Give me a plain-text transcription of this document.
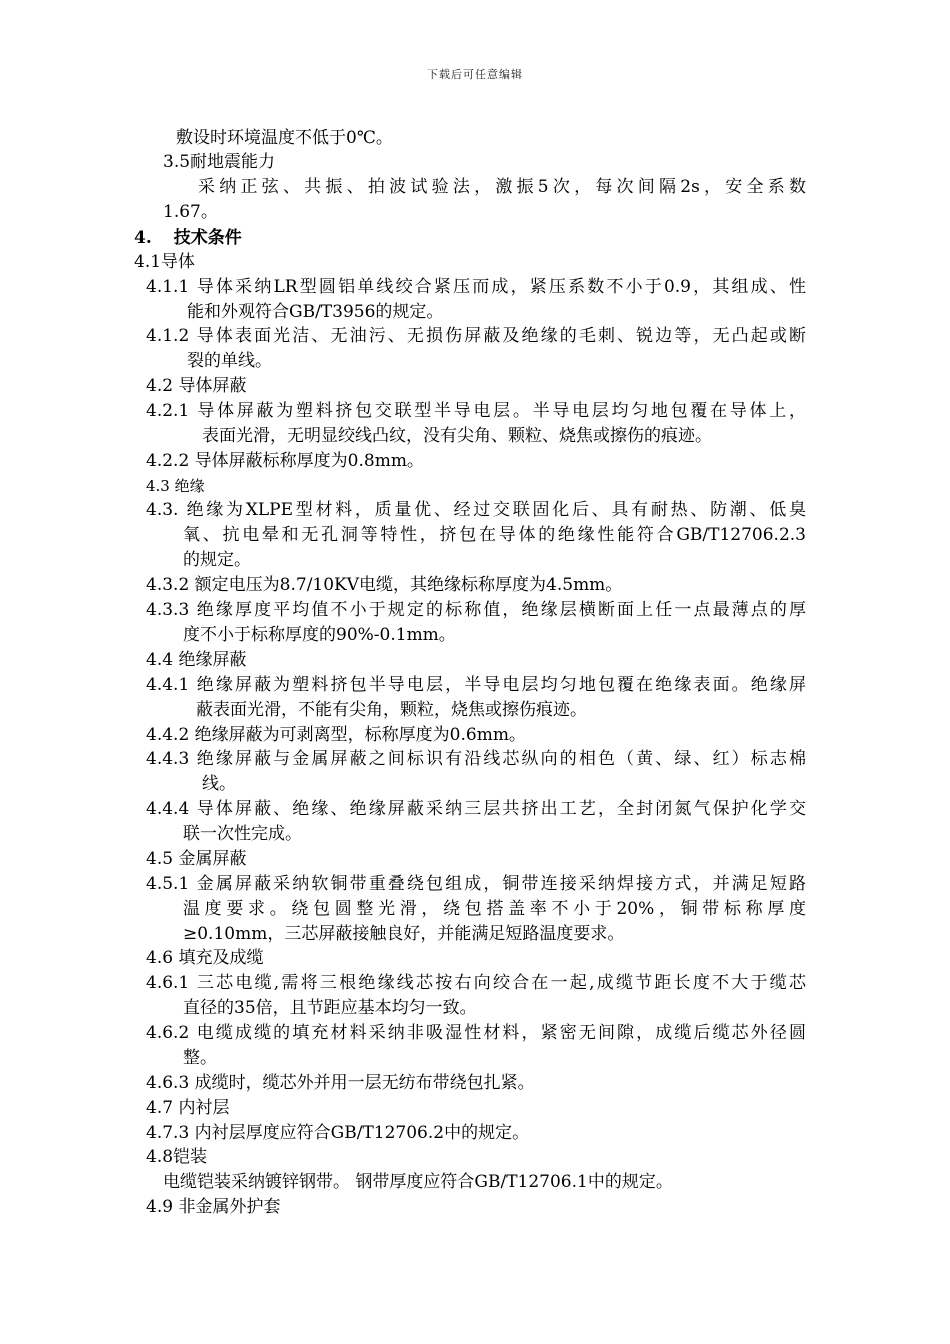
下载后可任意编辑
敷设时环境温度不低于0℃。
3.5耐地震能力
采纳正弦、共振、拍波试验法，激振5次，每次间隔2s，安全系数
1.67。
4. 技术条件
4.1导体
4.1.1 导体采纳LR型圆铝单线绞合紧压而成，紧压系数不小于0.9，其组成、性
能和外观符合GB/T3956的规定。
4.1.2 导体表面光洁、无油污、无损伤屏蔽及绝缘的毛刺、锐边等，无凸起或断
裂的单线。
4.2 导体屏蔽
4.2.1 导体屏蔽为塑料挤包交联型半导电层。半导电层均匀地包覆在导体上，
表面光滑，无明显绞线凸纹，没有尖角、颗粒、烧焦或擦伤的痕迹。
4.2.2 导体屏蔽标称厚度为0.8mm。
4.3 绝缘
4.3. 绝缘为XLPE型材料，质量优、经过交联固化后、具有耐热、防潮、低臭
氧、抗电晕和无孔洞等特性，挤包在导体的绝缘性能符合GB/T12706.2.3
的规定。
4.3.2 额定电压为8.7/10KV电缆，其绝缘标称厚度为4.5mm。
4.3.3 绝缘厚度平均值不小于规定的标称值，绝缘层横断面上任一点最薄点的厚
度不小于标称厚度的90%-0.1mm。
4.4 绝缘屏蔽
4.4.1 绝缘屏蔽为塑料挤包半导电层，半导电层均匀地包覆在绝缘表面。绝缘屏
蔽表面光滑，不能有尖角，颗粒，烧焦或擦伤痕迹。
4.4.2 绝缘屏蔽为可剥离型，标称厚度为0.6mm。
4.4.3 绝缘屏蔽与金属屏蔽之间标识有沿线芯纵向的相色（黄、绿、红）标志棉
线。
4.4.4 导体屏蔽、绝缘、绝缘屏蔽采纳三层共挤出工艺，全封闭氮气保护化学交
联一次性完成。
4.5 金属屏蔽
4.5.1 金属屏蔽采纳软铜带重叠绕包组成，铜带连接采纳焊接方式，并满足短路
温度要求。绕包圆整光滑，绕包搭盖率不小于20%，铜带标称厚度
≥0.10mm，三芯屏蔽接触良好，并能满足短路温度要求。
4.6 填充及成缆
4.6.1 三芯电缆,需将三根绝缘线芯按右向绞合在一起,成缆节距长度不大于缆芯
直径的35倍，且节距应基本均匀一致。
4.6.2 电缆成缆的填充材料采纳非吸湿性材料，紧密无间隙，成缆后缆芯外径圆
整。
4.6.3 成缆时，缆芯外并用一层无纺布带绕包扎紧。
4.7 内衬层
4.7.3 内衬层厚度应符合GB/T12706.2中的规定。
4.8铠装
电缆铠装采纳镀锌钢带。 钢带厚度应符合GB/T12706.1中的规定。
4.9 非金属外护套
